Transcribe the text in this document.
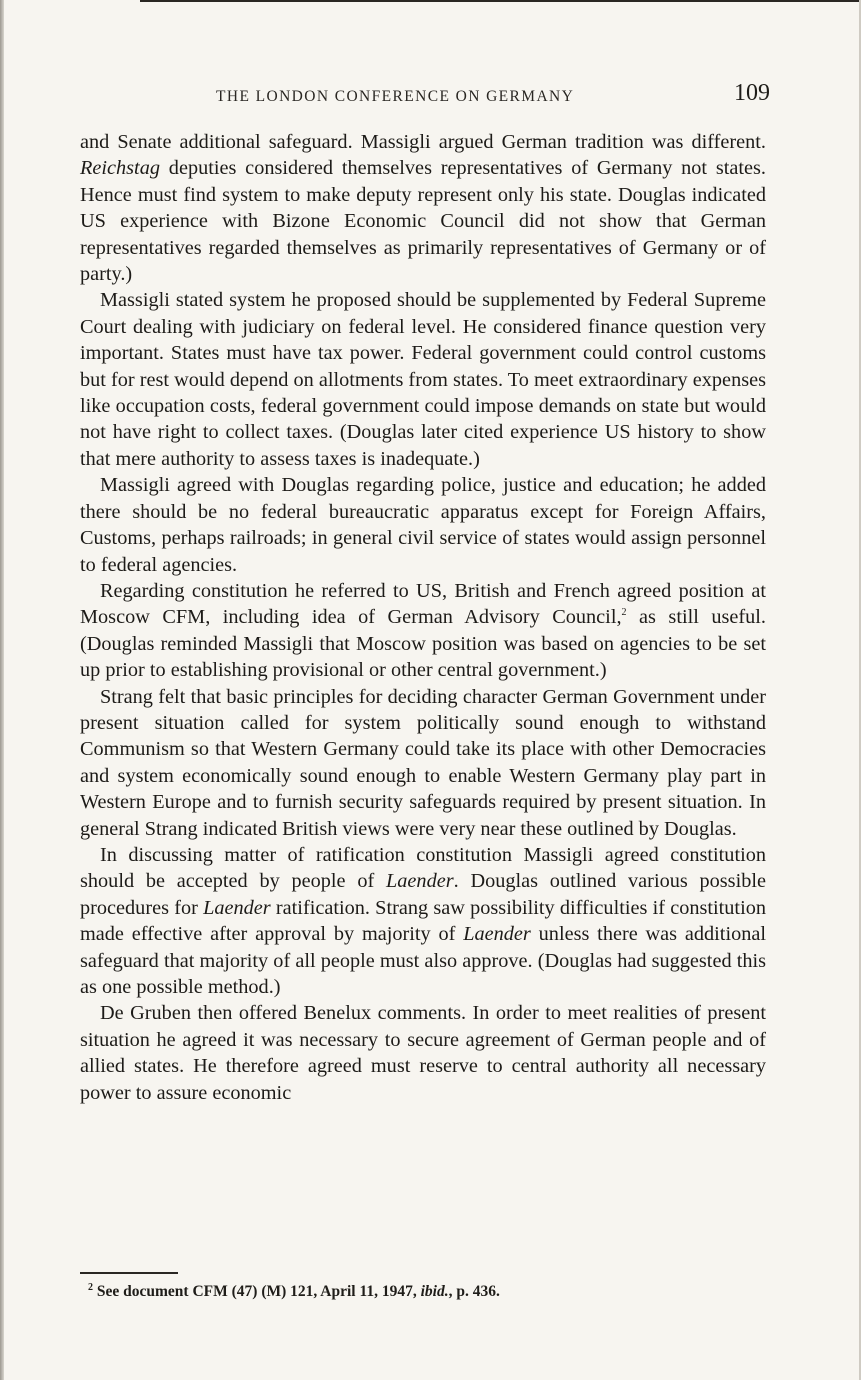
THE LONDON CONFERENCE ON GERMANY	109

and Senate additional safeguard. Massigli argued German tradition was different. Reichstag deputies considered themselves representatives of Germany not states. Hence must find system to make deputy represent only his state. Douglas indicated US experience with Bizone Economic Council did not show that German representatives regarded themselves as primarily representatives of Germany or of party.)

Massigli stated system he proposed should be supplemented by Federal Supreme Court dealing with judiciary on federal level. He considered finance question very important. States must have tax power. Federal government could control customs but for rest would depend on allotments from states. To meet extraordinary expenses like occupation costs, federal government could impose demands on state but would not have right to collect taxes. (Douglas later cited experience US history to show that mere authority to assess taxes is inadequate.)

Massigli agreed with Douglas regarding police, justice and education; he added there should be no federal bureaucratic apparatus except for Foreign Affairs, Customs, perhaps railroads; in general civil service of states would assign personnel to federal agencies.

Regarding constitution he referred to US, British and French agreed position at Moscow CFM, including idea of German Advisory Council,$^2$ as still useful. (Douglas reminded Massigli that Moscow position was based on agencies to be set up prior to establishing provisional or other central government.)

Strang felt that basic principles for deciding character German Government under present situation called for system politically sound enough to withstand Communism so that Western Germany could take its place with other Democracies and system economically sound enough to enable Western Germany play part in Western Europe and to furnish security safeguards required by present situation. In general Strang indicated British views were very near these outlined by Douglas.

In discussing matter of ratification constitution Massigli agreed constitution should be accepted by people of Laender. Douglas outlined various possible procedures for Laender ratification. Strang saw possibility difficulties if constitution made effective after approval by majority of Laender unless there was additional safeguard that majority of all people must also approve. (Douglas had suggested this as one possible method.)

De Gruben then offered Benelux comments. In order to meet realities of present situation he agreed it was necessary to secure agreement of German people and of allied states. He therefore agreed must reserve to central authority all necessary power to assure economic

$^2$ See document CFM (47) (M) 121, April 11, 1947, ibid., p. 436.
